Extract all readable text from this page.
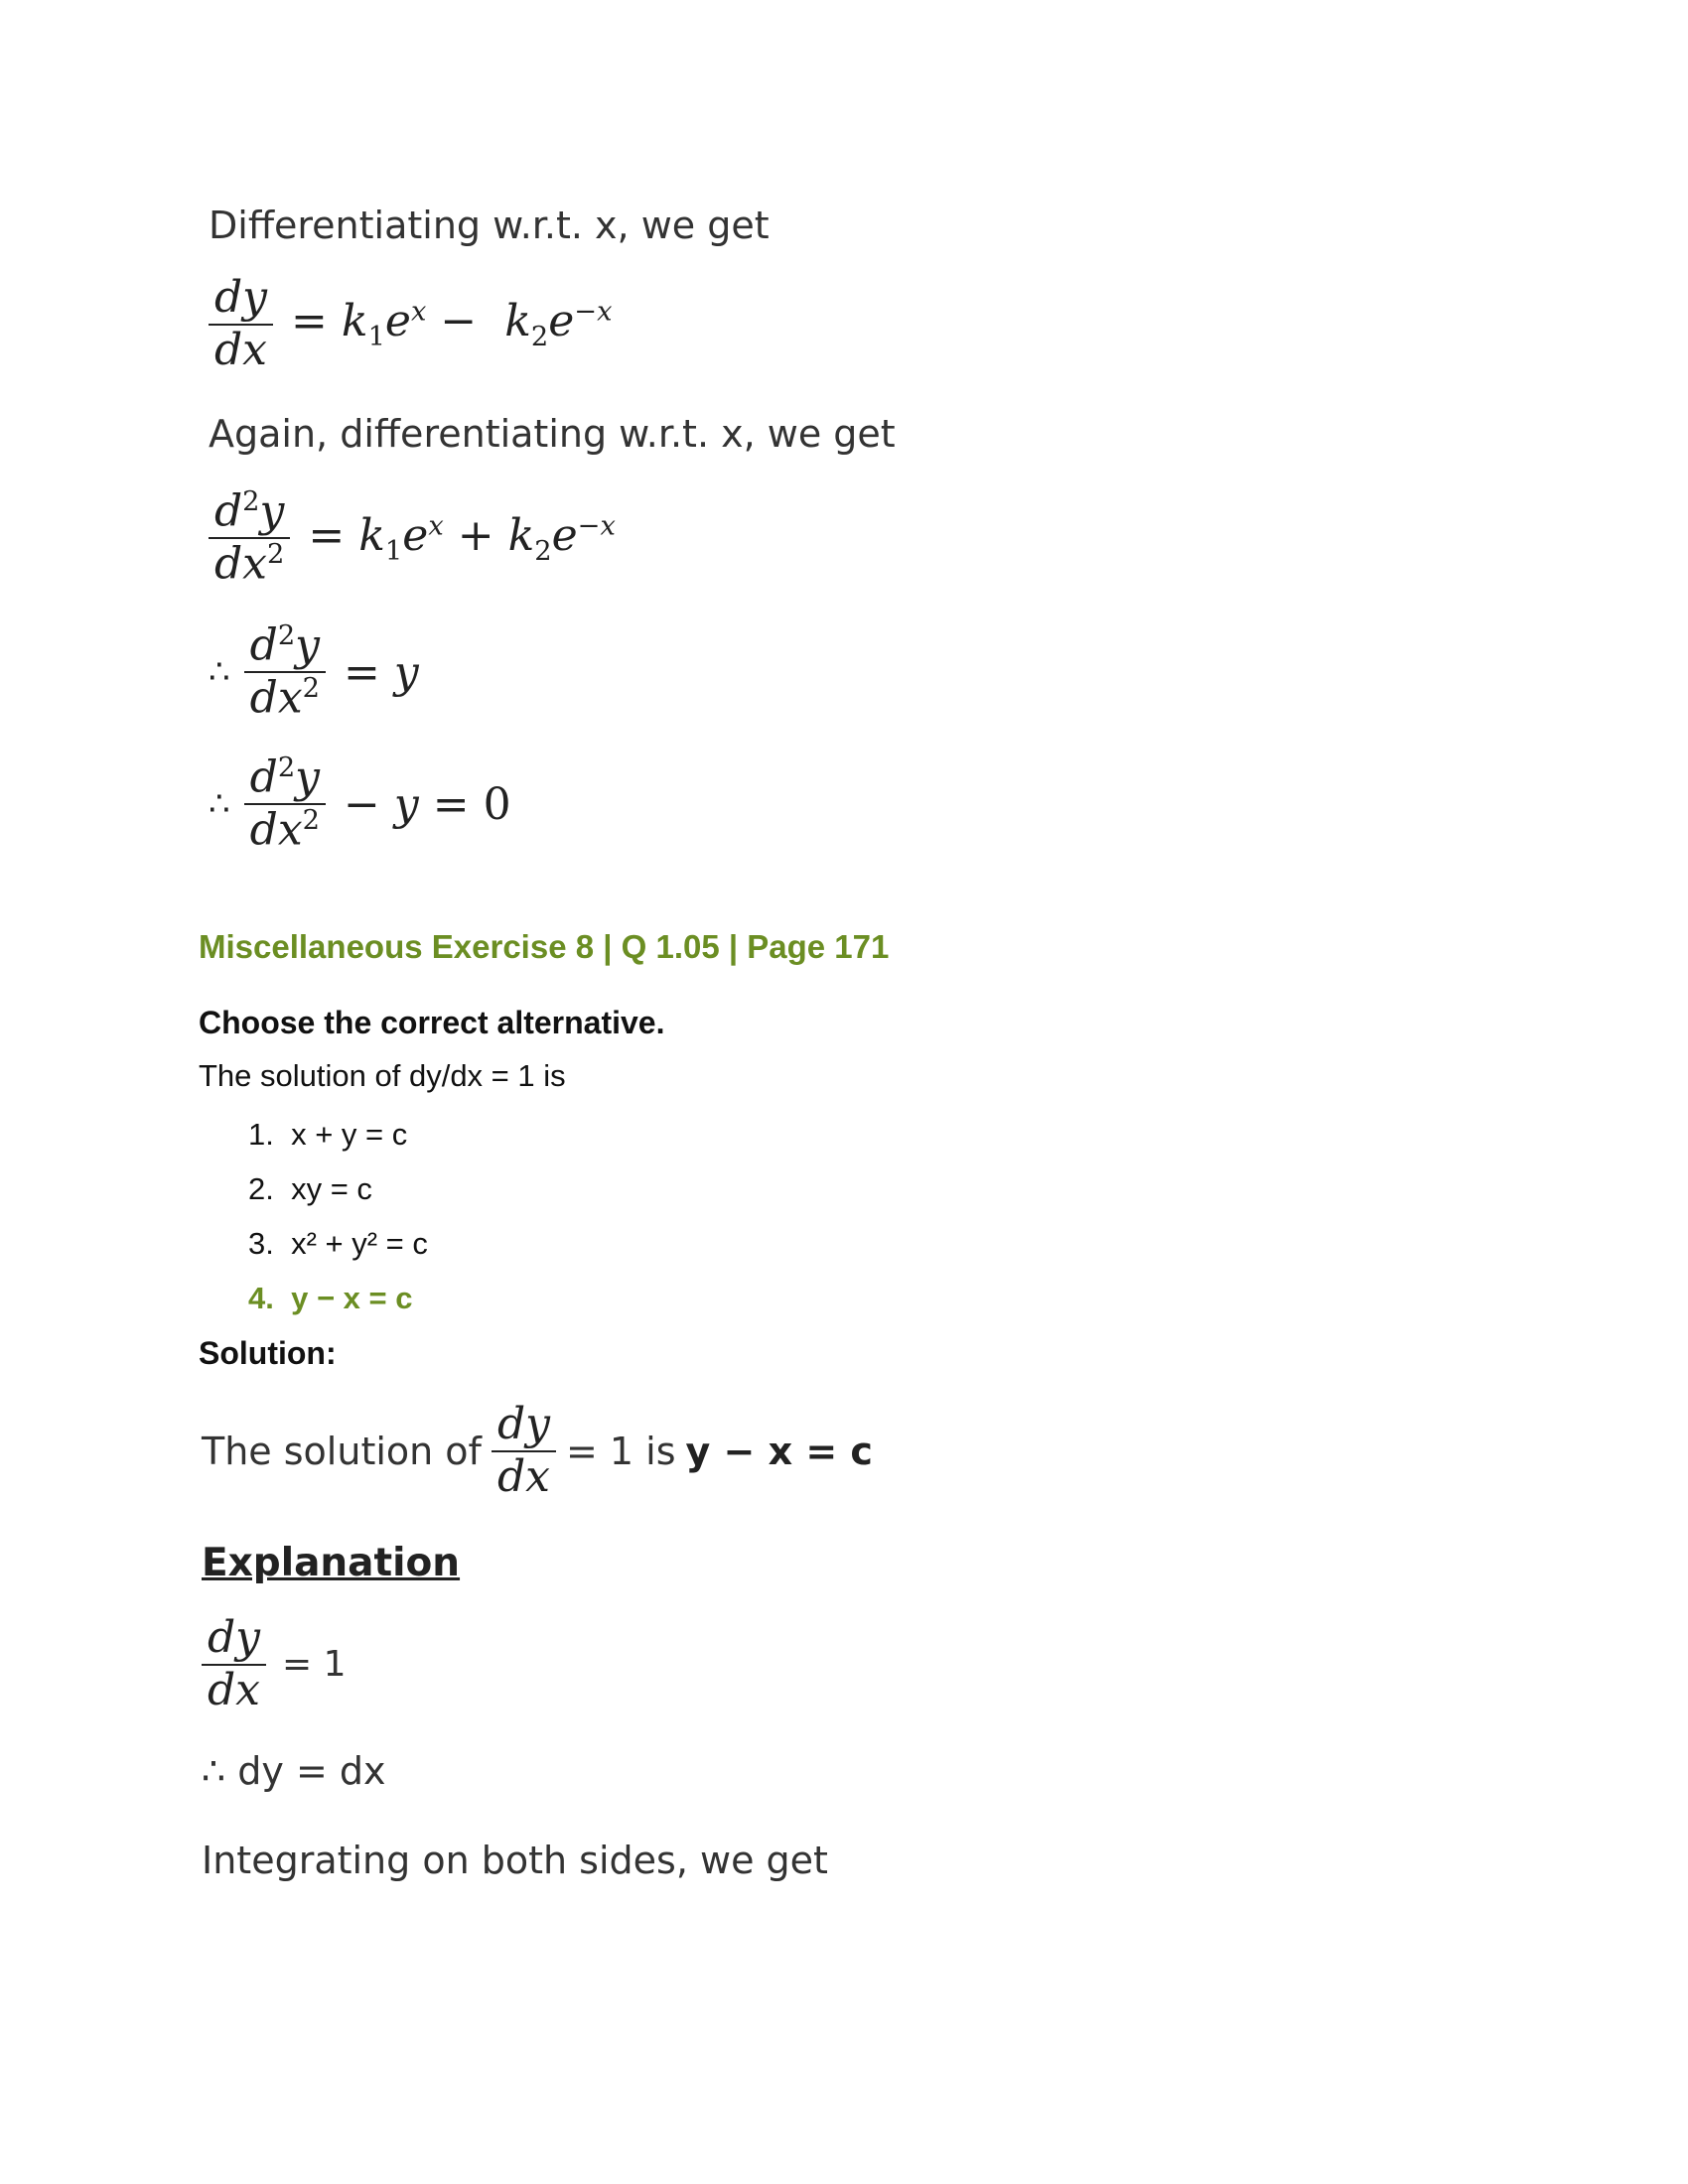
Differentiating w.r.t. x, we get
$\frac{dy}{dx} = k_1e^x - k_2e^{-x}$
Again, differentiating w.r.t. x, we get
$\frac{d^2y}{dx^2} = k_1e^x + k_2e^{-x}$
∴ $\frac{d^2y}{dx^2} = y$
∴ $\frac{d^2y}{dx^2} - y = 0$
Miscellaneous Exercise 8 | Q 1.05 | Page 171
Choose the correct alternative.
The solution of dy/dx = 1 is
1. x + y = c
2. xy = c
3. x² + y² = c
4. y − x = c
Solution:
The solution of $\frac{dy}{dx} = 1$ is y − x = c
Explanation
$\frac{dy}{dx} = 1$
∴ dy = dx
Integrating on both sides, we get
